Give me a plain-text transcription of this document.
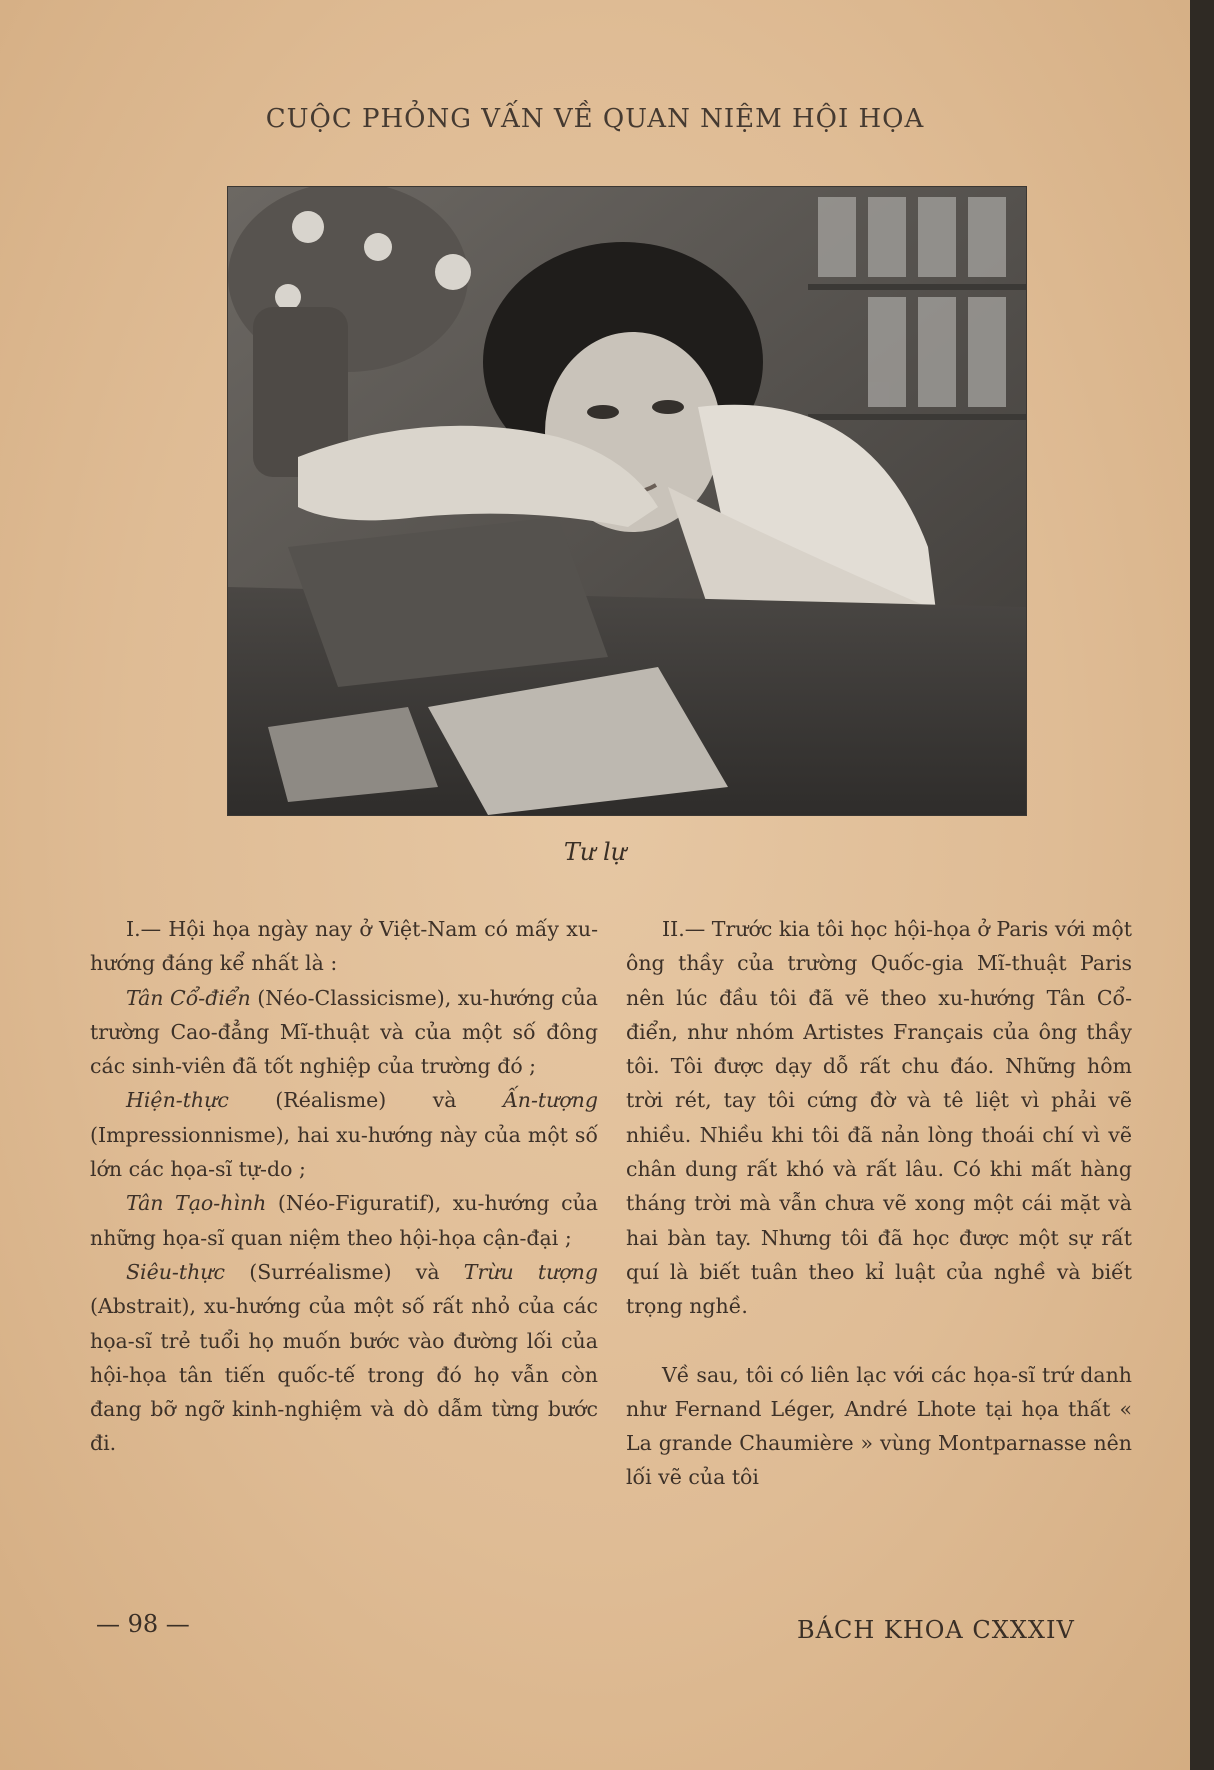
CUỘC PHỎNG VẤN VỀ QUAN NIỆM HỘI HỌA
Tư lự

I.— Hội họa ngày nay ở Việt-Nam có mấy xu-hướng đáng kể nhất là :

Tân Cổ-điển (Néo-Classicisme), xu-hướng của trường Cao-đẳng Mĩ-thuật và của một số đông các sinh-viên đã tốt nghiệp của trường đó ;

Hiện-thực (Réalisme) và Ấn-tượng (Impressionnisme), hai xu-hướng này của một số lớn các họa-sĩ tự-do ;

Tân Tạo-hình (Néo-Figuratif), xu-hướng của những họa-sĩ quan niệm theo hội-họa cận-đại ;

Siêu-thực (Surréalisme) và Trừu tượng (Abstrait), xu-hướng của một số rất nhỏ của các họa-sĩ trẻ tuổi họ muốn bước vào đường lối của hội-họa tân tiến quốc-tế trong đó họ vẫn còn đang bỡ ngỡ kinh-nghiệm và dò dẫm từng bước đi.

II.— Trước kia tôi học hội-họa ở Paris với một ông thầy của trường Quốc-gia Mĩ-thuật Paris nên lúc đầu tôi đã vẽ theo xu-hướng Tân Cổ-điển, như nhóm Artistes Français của ông thầy tôi. Tôi được dạy dỗ rất chu đáo. Những hôm trời rét, tay tôi cứng đờ và tê liệt vì phải vẽ nhiều. Nhiều khi tôi đã nản lòng thoái chí vì vẽ chân dung rất khó và rất lâu. Có khi mất hàng tháng trời mà vẫn chưa vẽ xong một cái mặt và hai bàn tay. Nhưng tôi đã học được một sự rất quí là biết tuân theo kỉ luật của nghề và biết trọng nghề.

Về sau, tôi có liên lạc với các họa-sĩ trứ danh như Fernand Léger, André Lhote tại họa thất « La grande Chaumière » vùng Montparnasse nên lối vẽ của tôi

— 98 —	BÁCH KHOA CXXXIV
